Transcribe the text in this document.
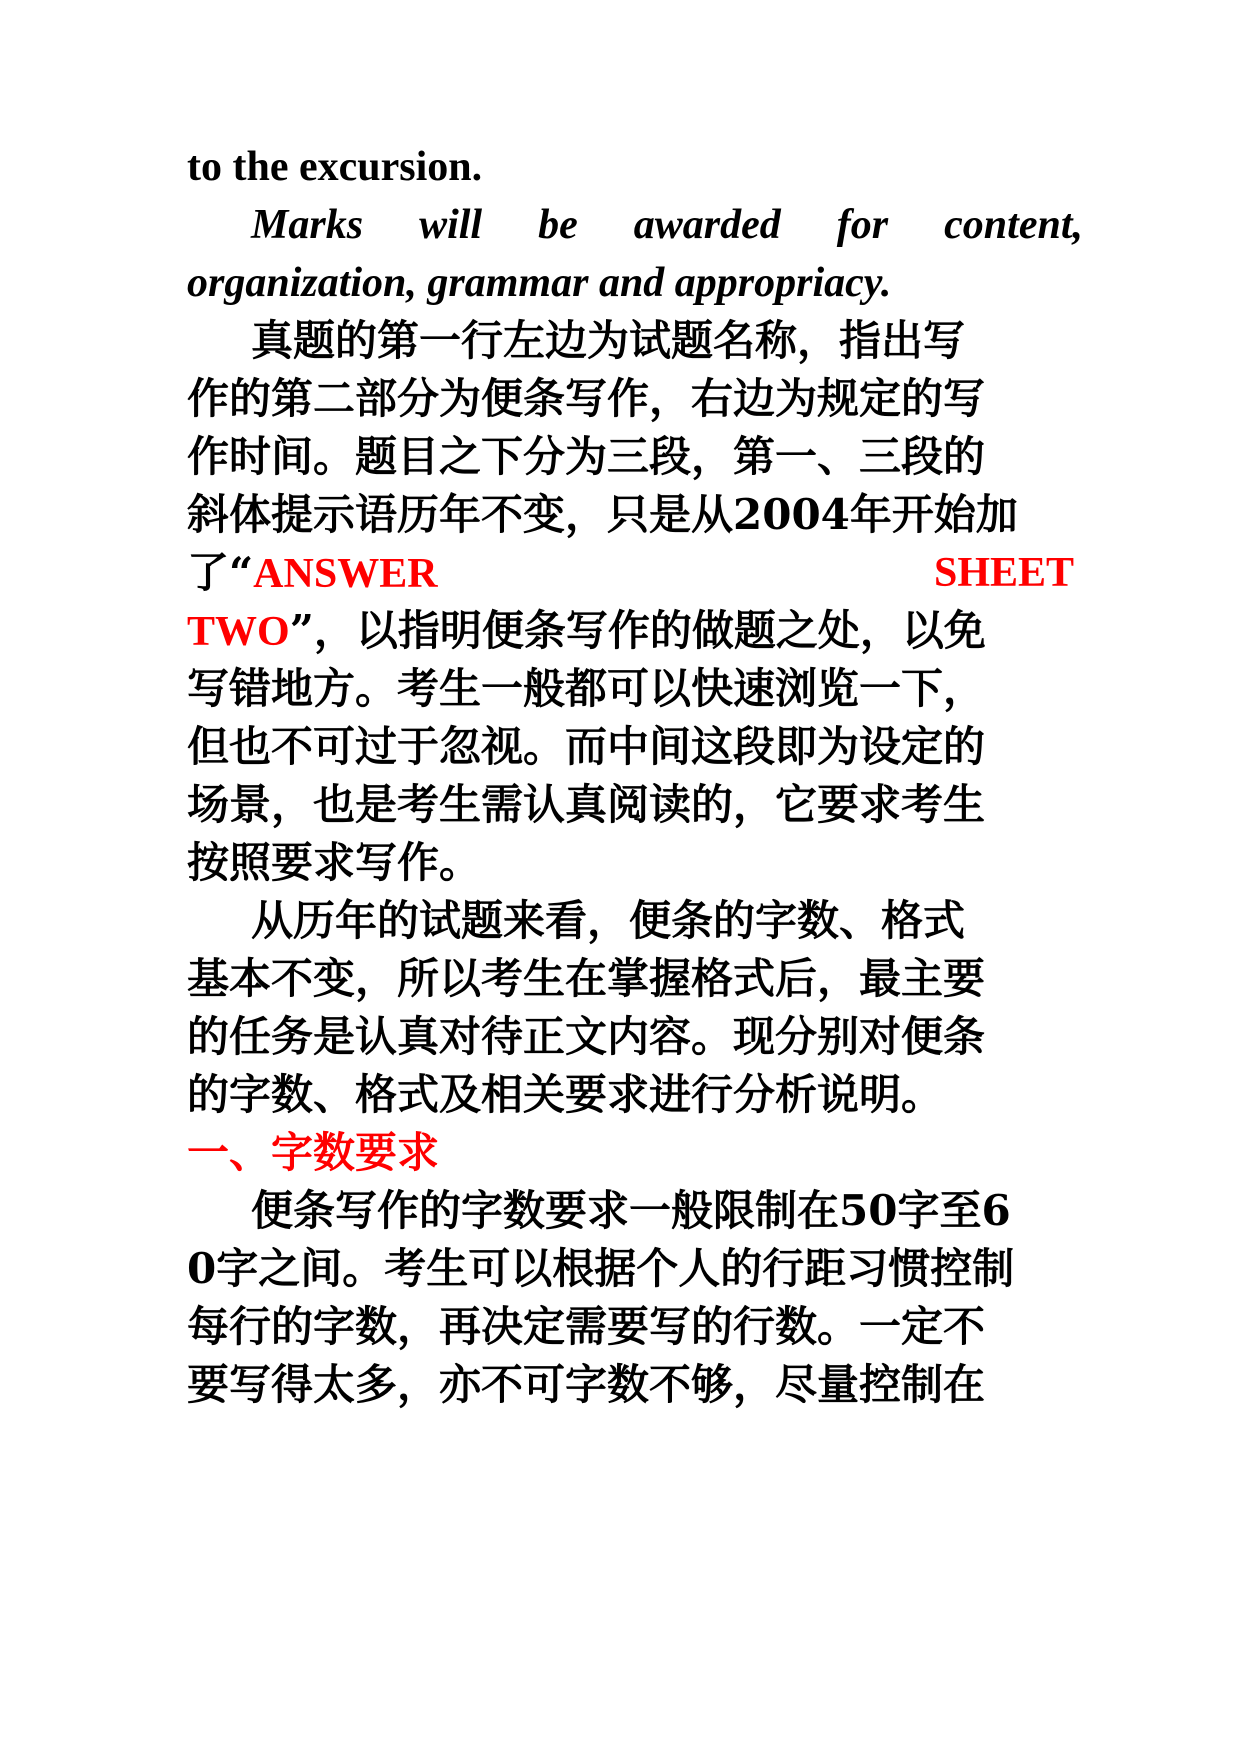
to the excursion.
Marks will be awarded for content,
organization, grammar and appropriacy.
真题的第一行左边为试题名称，指出写
作的第二部分为便条写作，右边为规定的写
作时间。题目之下分为三段，第一、三段的
斜体提示语历年不变，只是从2004年开始加
了“ANSWER	SHEET
TWO”，以指明便条写作的做题之处，以免
写错地方。考生一般都可以快速浏览一下，
但也不可过于忽视。而中间这段即为设定的
场景，也是考生需认真阅读的，它要求考生
按照要求写作。
从历年的试题来看，便条的字数、格式
基本不变，所以考生在掌握格式后，最主要
的任务是认真对待正文内容。现分别对便条
的字数、格式及相关要求进行分析说明。
一、字数要求
便条写作的字数要求一般限制在50字至6
0字之间。考生可以根据个人的行距习惯控制
每行的字数，再决定需要写的行数。一定不
要写得太多，亦不可字数不够，尽量控制在
